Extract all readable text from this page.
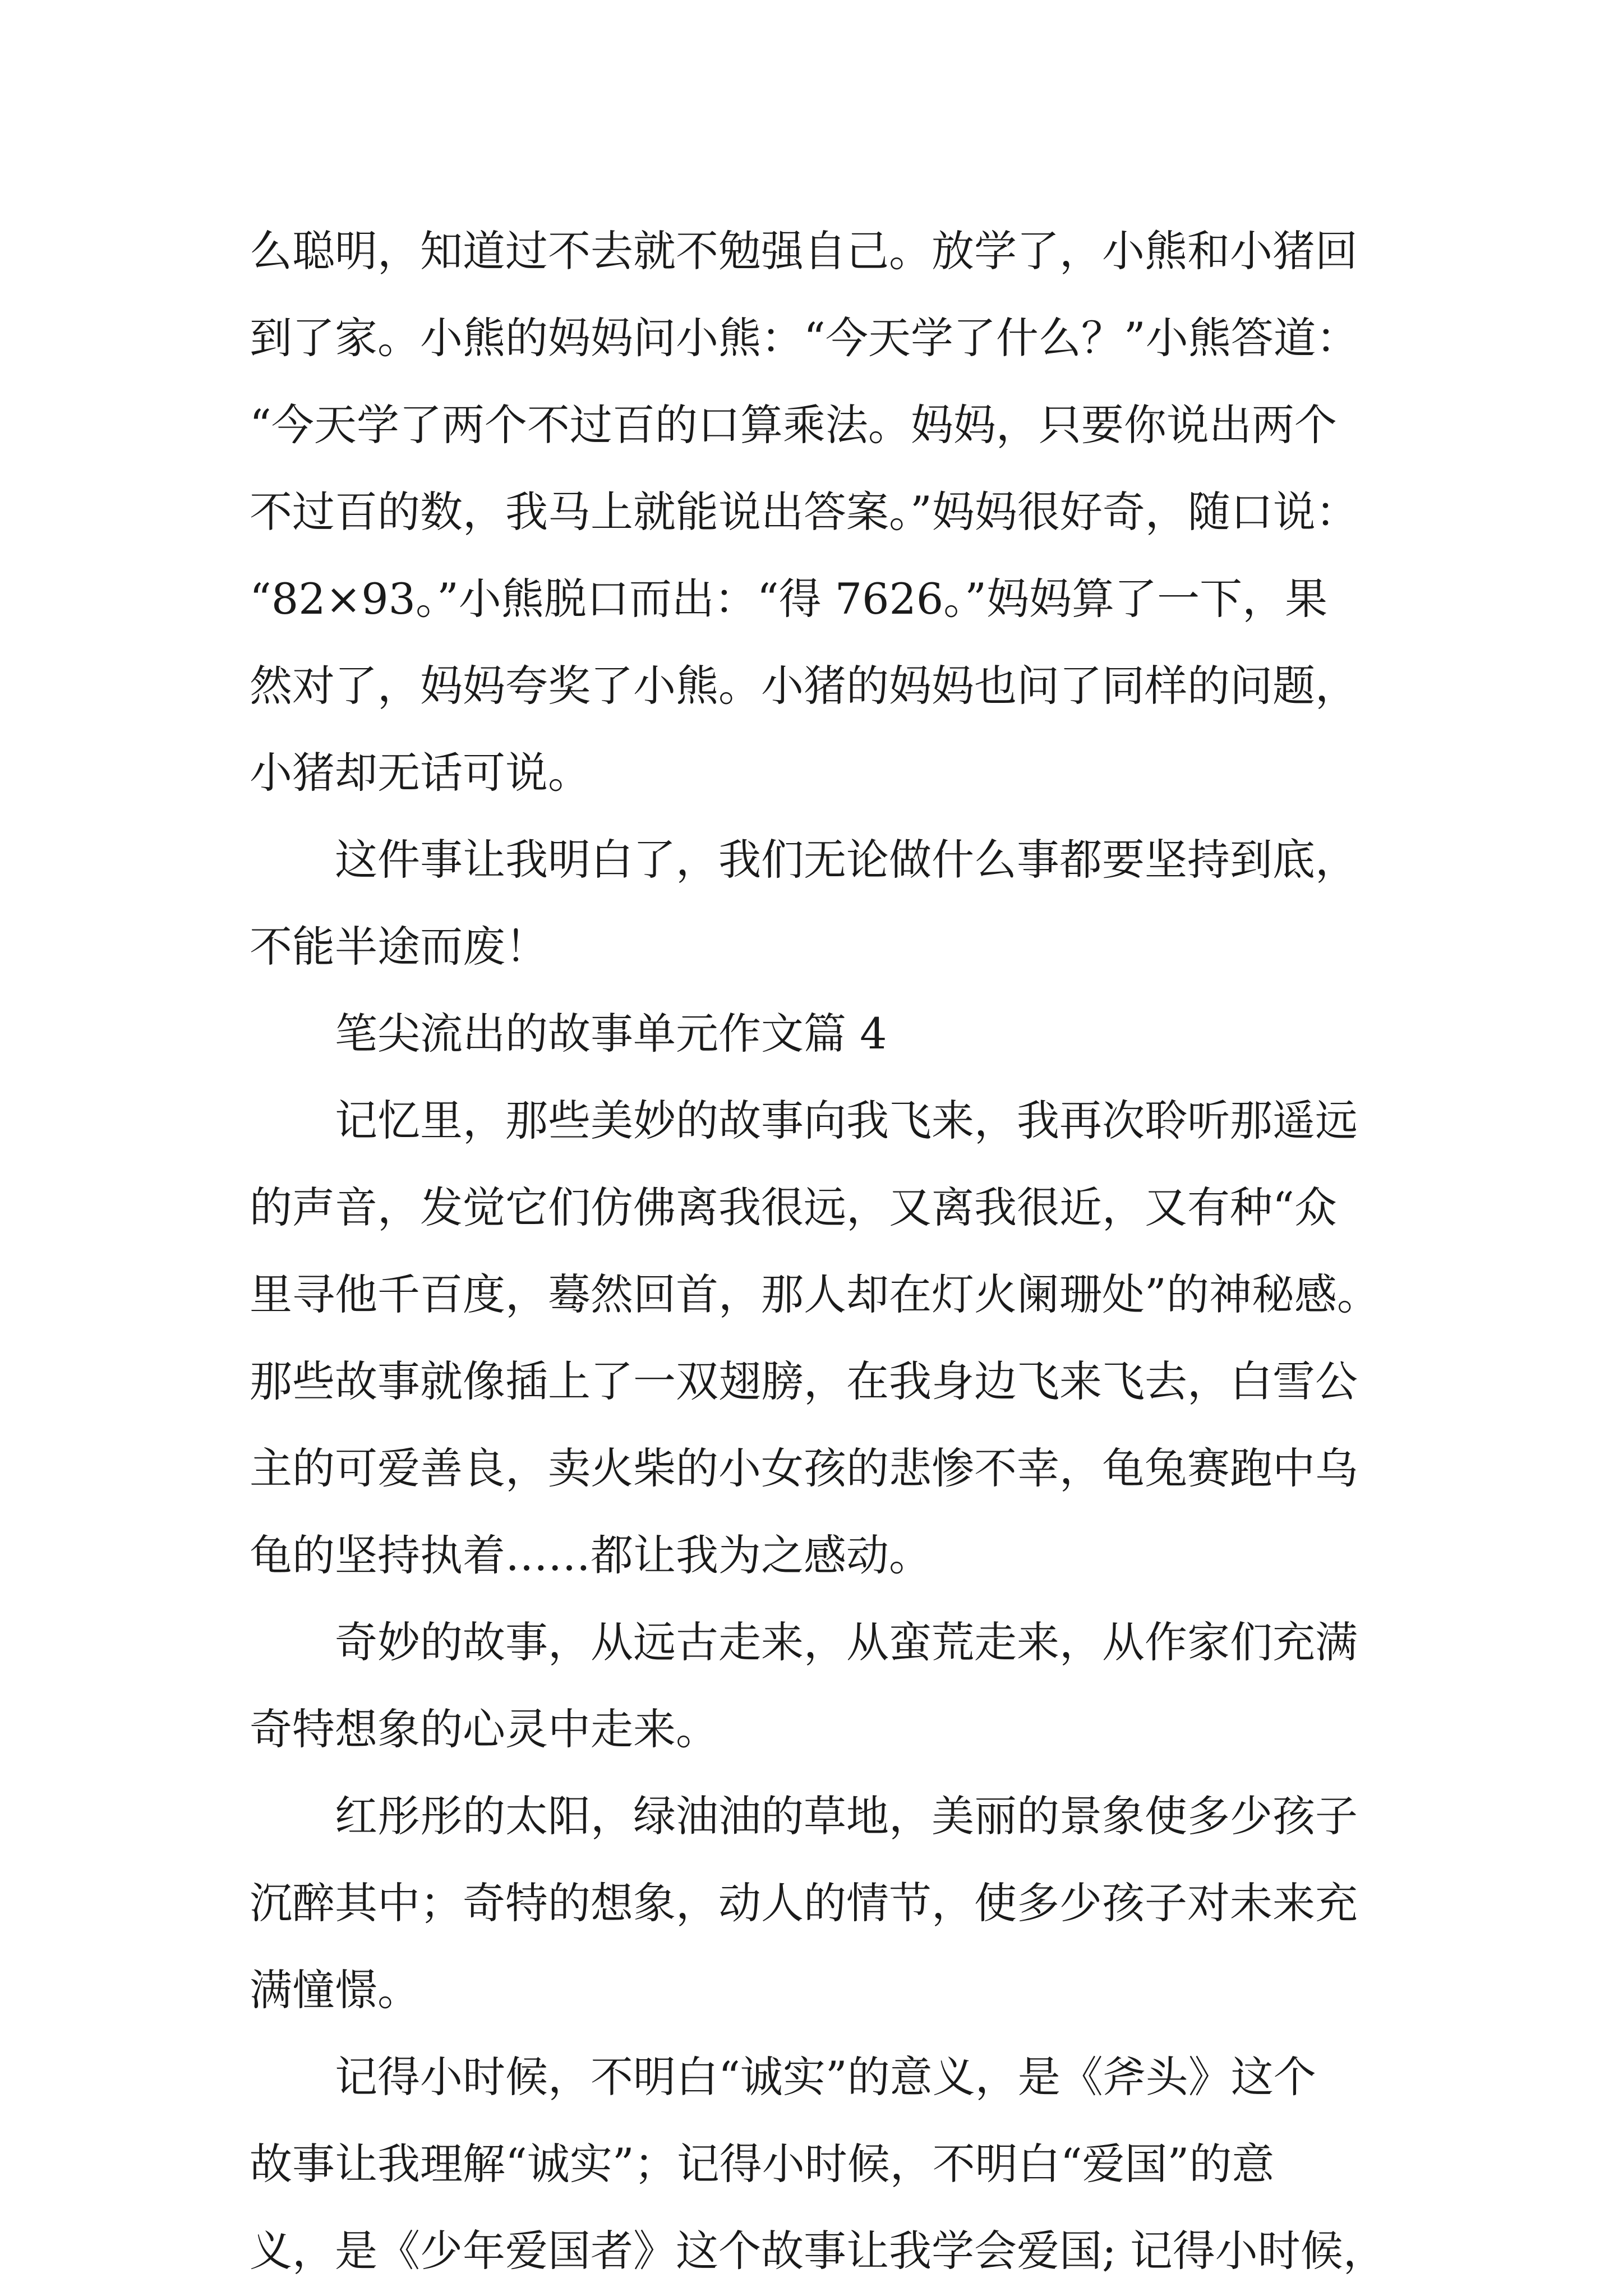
么聪明，知道过不去就不勉强自己。放学了，小熊和小猪回
到了家。小熊的妈妈问小熊：“今天学了什么？”小熊答道：
“今天学了两个不过百的口算乘法。妈妈，只要你说出两个
不过百的数，我马上就能说出答案。”妈妈很好奇，随口说：
“82×93。”小熊脱口而出：“得 7626。”妈妈算了一下，果
然对了，妈妈夸奖了小熊。小猪的妈妈也问了同样的问题，
小猪却无话可说。
这件事让我明白了，我们无论做什么事都要坚持到底，
不能半途而废！
笔尖流出的故事单元作文篇 4
记忆里，那些美妙的故事向我飞来，我再次聆听那遥远
的声音，发觉它们仿佛离我很远，又离我很近，又有种“众
里寻他千百度，蓦然回首，那人却在灯火阑珊处”的神秘感。
那些故事就像插上了一双翅膀，在我身边飞来飞去，白雪公
主的可爱善良，卖火柴的小女孩的悲惨不幸，龟兔赛跑中乌
龟的坚持执着……都让我为之感动。
奇妙的故事，从远古走来，从蛮荒走来，从作家们充满
奇特想象的心灵中走来。
红彤彤的太阳，绿油油的草地，美丽的景象使多少孩子
沉醉其中；奇特的想象，动人的情节，使多少孩子对未来充
满憧憬。
记得小时候，不明白“诚实”的意义，是《斧头》这个
故事让我理解“诚实”；记得小时候，不明白“爱国”的意
义，是《少年爱国者》这个故事让我学会爱国; 记得小时候，
